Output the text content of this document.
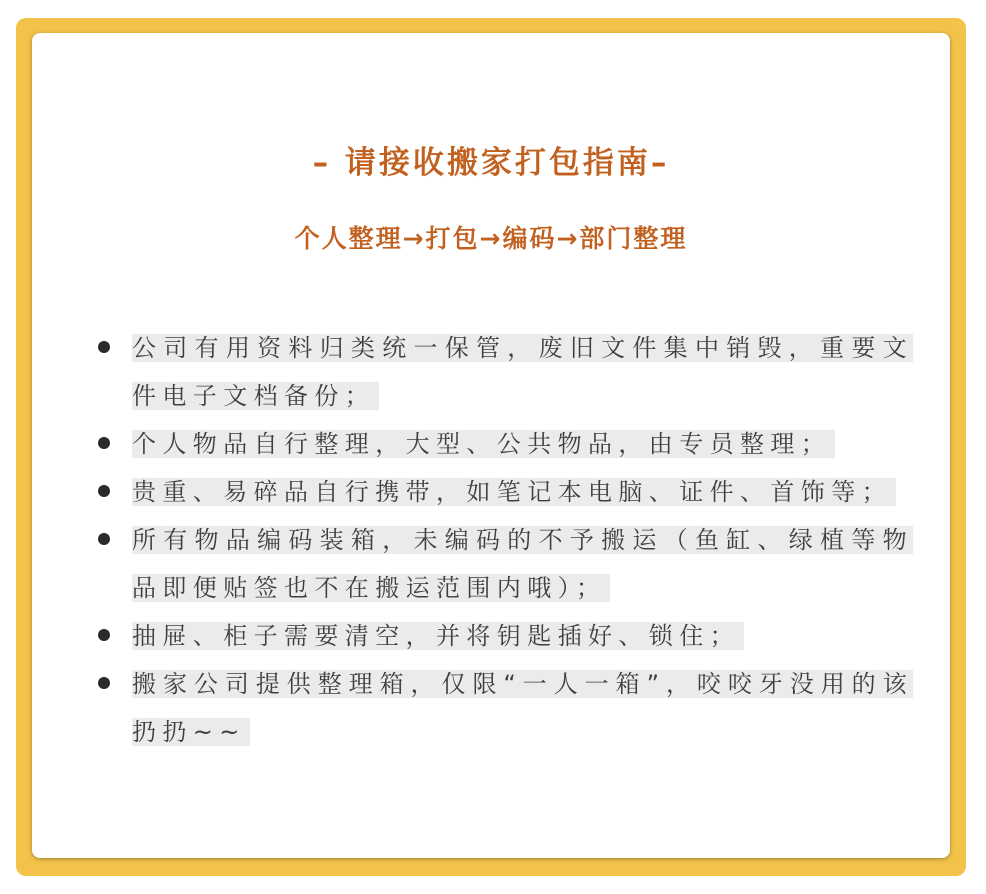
– 请接收搬家打包指南–
个人整理→打包→编码→部门整理
公司有用资料归类统一保管，废旧文件集中销毁，重要文件电子文档备份；
个人物品自行整理，大型、公共物品，由专员整理；
贵重、易碎品自行携带，如笔记本电脑、证件、首饰等；
所有物品编码装箱，未编码的不予搬运（鱼缸、绿植等物品即便贴签也不在搬运范围内哦）；
抽屉、柜子需要清空，并将钥匙插好、锁住；
搬家公司提供整理箱，仅限“一人一箱”，咬咬牙没用的该扔扔~~
